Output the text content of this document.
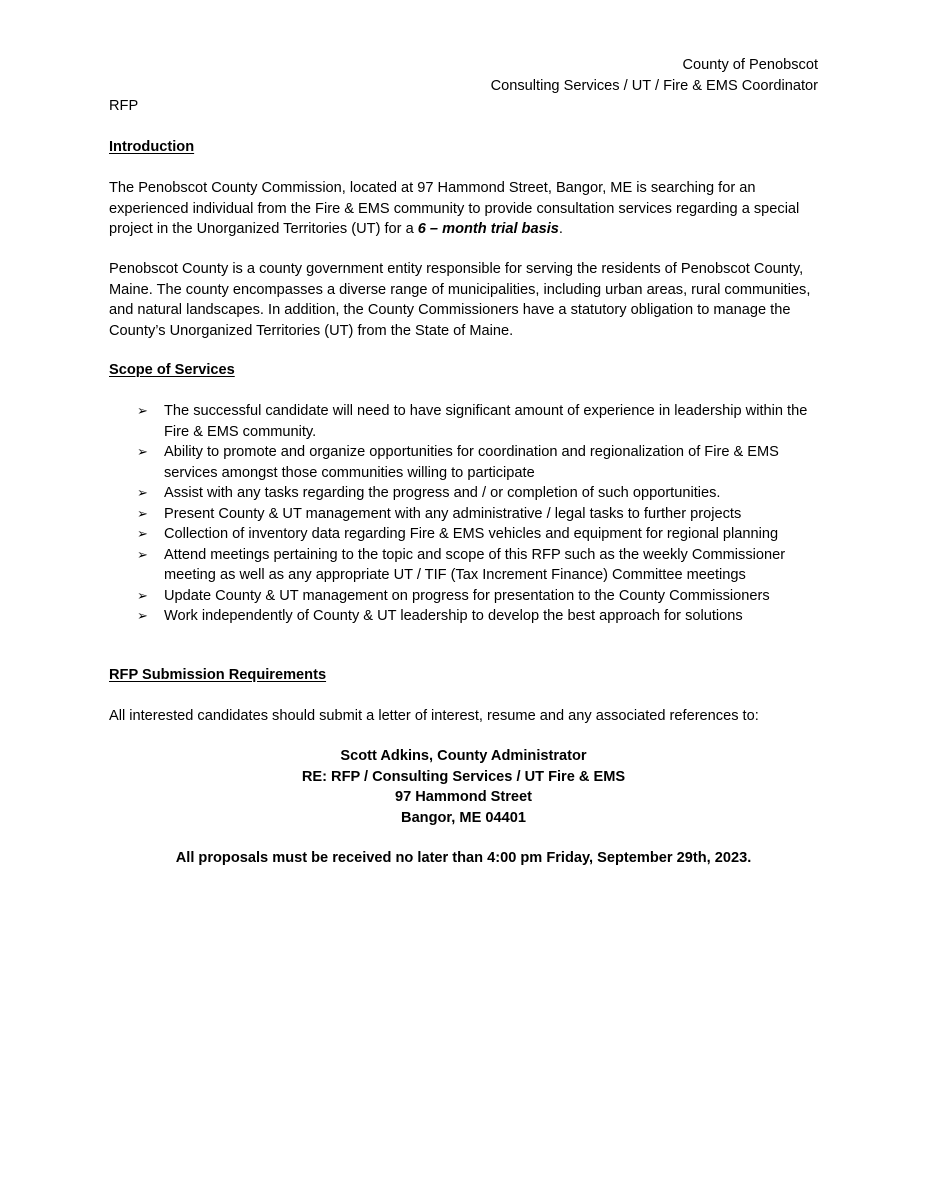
County of Penobscot
Consulting Services / UT / Fire & EMS Coordinator
RFP
Introduction

The Penobscot County Commission, located at 97 Hammond Street, Bangor, ME is searching for an experienced individual from the Fire & EMS community to provide consultation services regarding a special project in the Unorganized Territories (UT) for a 6 – month trial basis.

Penobscot County is a county government entity responsible for serving the residents of Penobscot County, Maine. The county encompasses a diverse range of municipalities, including urban areas, rural communities, and natural landscapes. In addition, the County Commissioners have a statutory obligation to manage the County’s Unorganized Territories (UT) from the State of Maine.

Scope of Services
➢ The successful candidate will need to have significant amount of experience in leadership within the Fire & EMS community.
➢ Ability to promote and organize opportunities for coordination and regionalization of Fire & EMS services amongst those communities willing to participate
➢ Assist with any tasks regarding the progress and / or completion of such opportunities.
➢ Present County & UT management with any administrative / legal tasks to further projects
➢ Collection of inventory data regarding Fire & EMS vehicles and equipment for regional planning
➢ Attend meetings pertaining to the topic and scope of this RFP such as the weekly Commissioner meeting as well as any appropriate UT / TIF (Tax Increment Finance) Committee meetings
➢ Update County & UT management on progress for presentation to the County Commissioners
➢ Work independently of County & UT leadership to develop the best approach for solutions
RFP Submission Requirements

All interested candidates should submit a letter of interest, resume and any associated references to:

Scott Adkins, County Administrator
RE: RFP / Consulting Services / UT Fire & EMS
97 Hammond Street
Bangor, ME 04401
All proposals must be received no later than 4:00 pm Friday, September 29th, 2023.
